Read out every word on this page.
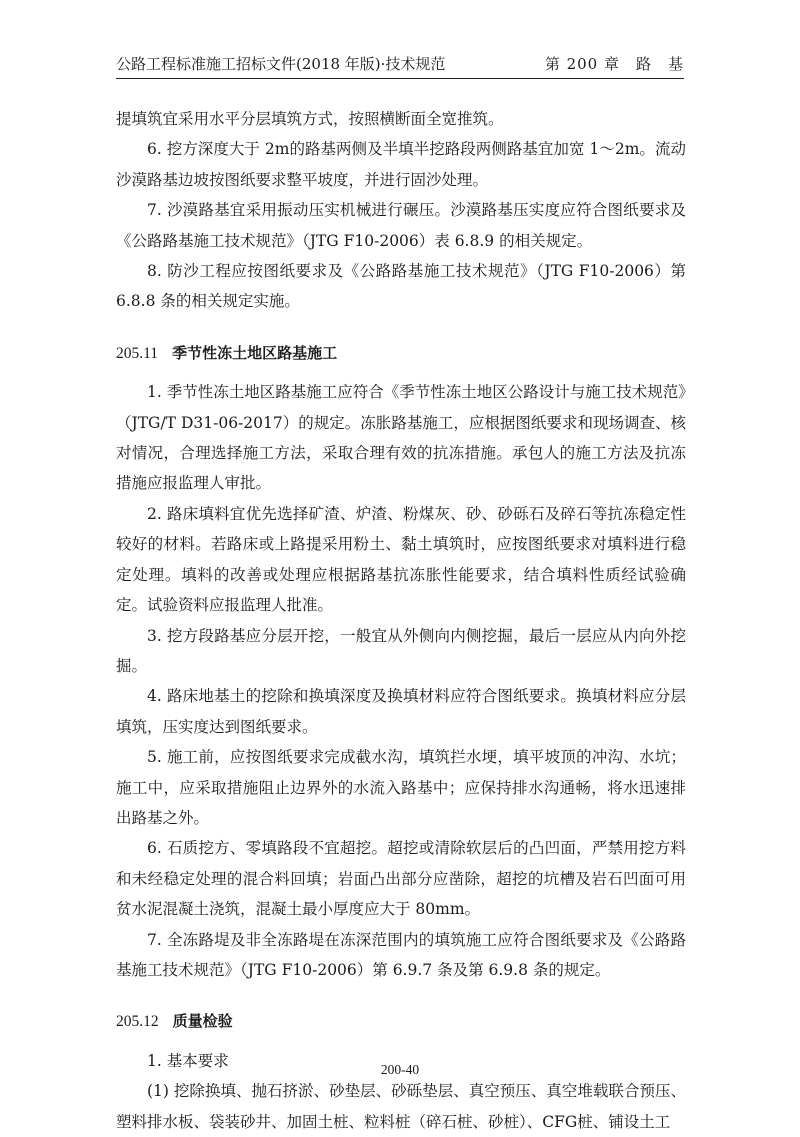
公路工程标准施工招标文件(2018 年版)·技术规范	第 200 章　路　基

提填筑宜采用水平分层填筑方式，按照横断面全宽推筑。

6. 挖方深度大于 2m的路基两侧及半填半挖路段两侧路基宜加宽 1～2m。流动沙漠路基边坡按图纸要求整平坡度，并进行固沙处理。

7. 沙漠路基宜采用振动压实机械进行碾压。沙漠路基压实度应符合图纸要求及《公路路基施工技术规范》（JTG F10-2006）表 6.8.9 的相关规定。

8. 防沙工程应按图纸要求及《公路路基施工技术规范》（JTG F10-2006）第 6.8.8 条的相关规定实施。

205.11 季节性冻土地区路基施工

1. 季节性冻土地区路基施工应符合《季节性冻土地区公路设计与施工技术规范》（JTG/T D31-06-2017）的规定。冻胀路基施工，应根据图纸要求和现场调查、核对情况，合理选择施工方法，采取合理有效的抗冻措施。承包人的施工方法及抗冻措施应报监理人审批。

2. 路床填料宜优先选择矿渣、炉渣、粉煤灰、砂、砂砾石及碎石等抗冻稳定性较好的材料。若路床或上路提采用粉土、黏土填筑时，应按图纸要求对填料进行稳定处理。填料的改善或处理应根据路基抗冻胀性能要求，结合填料性质经试验确定。试验资料应报监理人批准。

3. 挖方段路基应分层开挖，一般宜从外侧向内侧挖掘，最后一层应从内向外挖掘。

4. 路床地基土的挖除和换填深度及换填材料应符合图纸要求。换填材料应分层填筑，压实度达到图纸要求。

5. 施工前，应按图纸要求完成截水沟，填筑拦水埂，填平坡顶的冲沟、水坑；施工中，应采取措施阻止边界外的水流入路基中；应保持排水沟通畅，将水迅速排出路基之外。

6. 石质挖方、零填路段不宜超挖。超挖或清除软层后的凸凹面，严禁用挖方料和未经稳定处理的混合料回填；岩面凸出部分应凿除，超挖的坑槽及岩石凹面可用贫水泥混凝土浇筑，混凝土最小厚度应大于 80mm。

7. 全冻路堤及非全冻路堤在冻深范围内的填筑施工应符合图纸要求及《公路路基施工技术规范》（JTG F10-2006）第 6.9.7 条及第 6.9.8 条的规定。

205.12 质量检验

1. 基本要求

(1) 挖除换填、抛石挤淤、砂垫层、砂砾垫层、真空预压、真空堆载联合预压、塑料排水板、袋装砂井、加固土桩、粒料桩（碎石桩、砂桩）、CFG桩、铺设土工

200-40
